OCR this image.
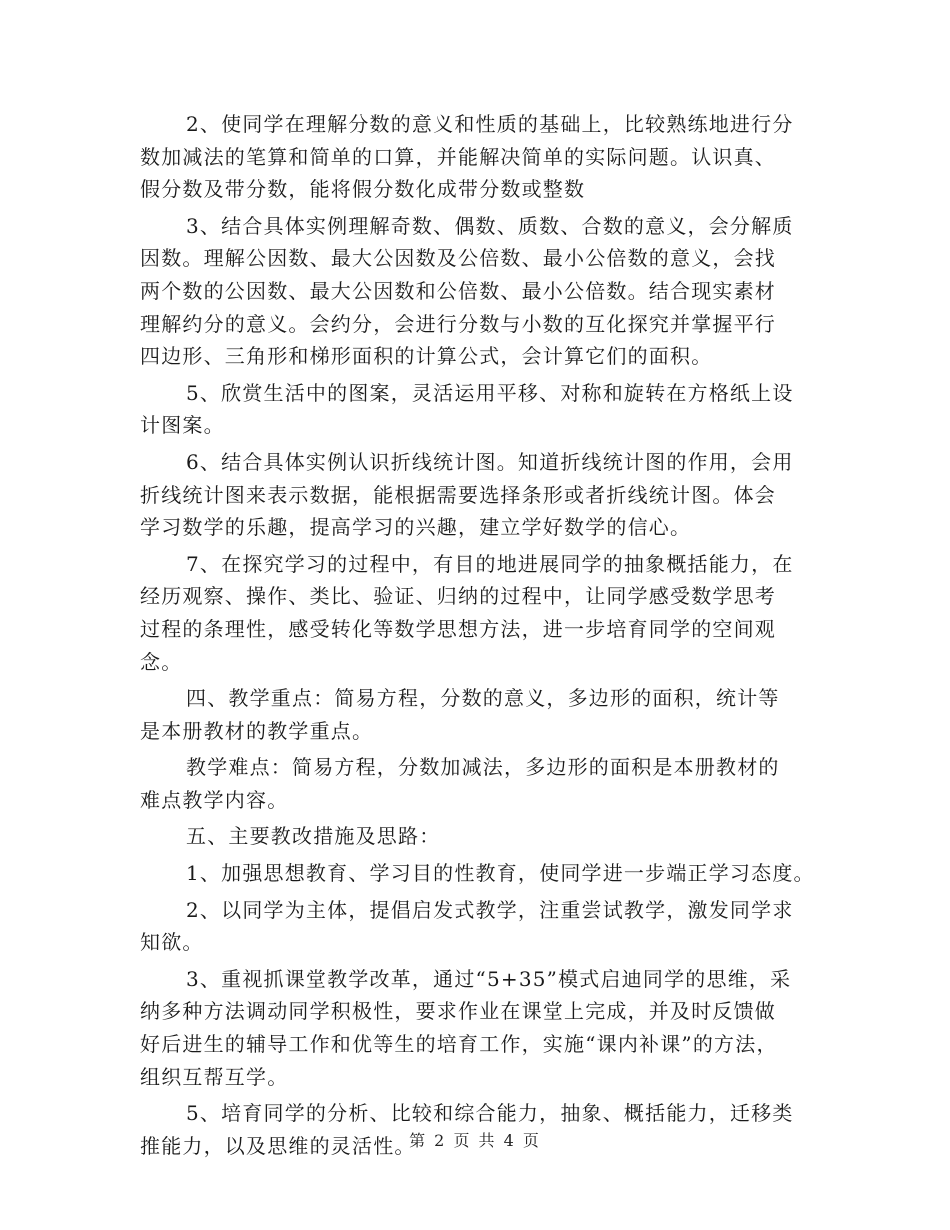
2、使同学在理解分数的意义和性质的基础上，比较熟练地进行分
数加减法的笔算和简单的口算，并能解决简单的实际问题。认识真、
假分数及带分数，能将假分数化成带分数或整数
3、结合具体实例理解奇数、偶数、质数、合数的意义，会分解质
因数。理解公因数、最大公因数及公倍数、最小公倍数的意义，会找
两个数的公因数、最大公因数和公倍数、最小公倍数。结合现实素材
理解约分的意义。会约分，会进行分数与小数的互化探究并掌握平行
四边形、三角形和梯形面积的计算公式，会计算它们的面积。
5、欣赏生活中的图案，灵活运用平移、对称和旋转在方格纸上设
计图案。
6、结合具体实例认识折线统计图。知道折线统计图的作用，会用
折线统计图来表示数据，能根据需要选择条形或者折线统计图。体会
学习数学的乐趣，提高学习的兴趣，建立学好数学的信心。
7、在探究学习的过程中，有目的地进展同学的抽象概括能力，在
经历观察、操作、类比、验证、归纳的过程中，让同学感受数学思考
过程的条理性，感受转化等数学思想方法，进一步培育同学的空间观
念。
四、教学重点：简易方程，分数的意义，多边形的面积，统计等
是本册教材的教学重点。
教学难点：简易方程，分数加减法，多边形的面积是本册教材的
难点教学内容。
五、主要教改措施及思路：
1、加强思想教育、学习目的性教育，使同学进一步端正学习态度。
2、以同学为主体，提倡启发式教学，注重尝试教学，激发同学求
知欲。
3、重视抓课堂教学改革，通过“5+35”模式启迪同学的思维，采
纳多种方法调动同学积极性，要求作业在课堂上完成，并及时反馈做
好后进生的辅导工作和优等生的培育工作，实施“课内补课”的方法，
组织互帮互学。
5、培育同学的分析、比较和综合能力，抽象、概括能力，迁移类
推能力，以及思维的灵活性。
第 2 页 共 4 页
